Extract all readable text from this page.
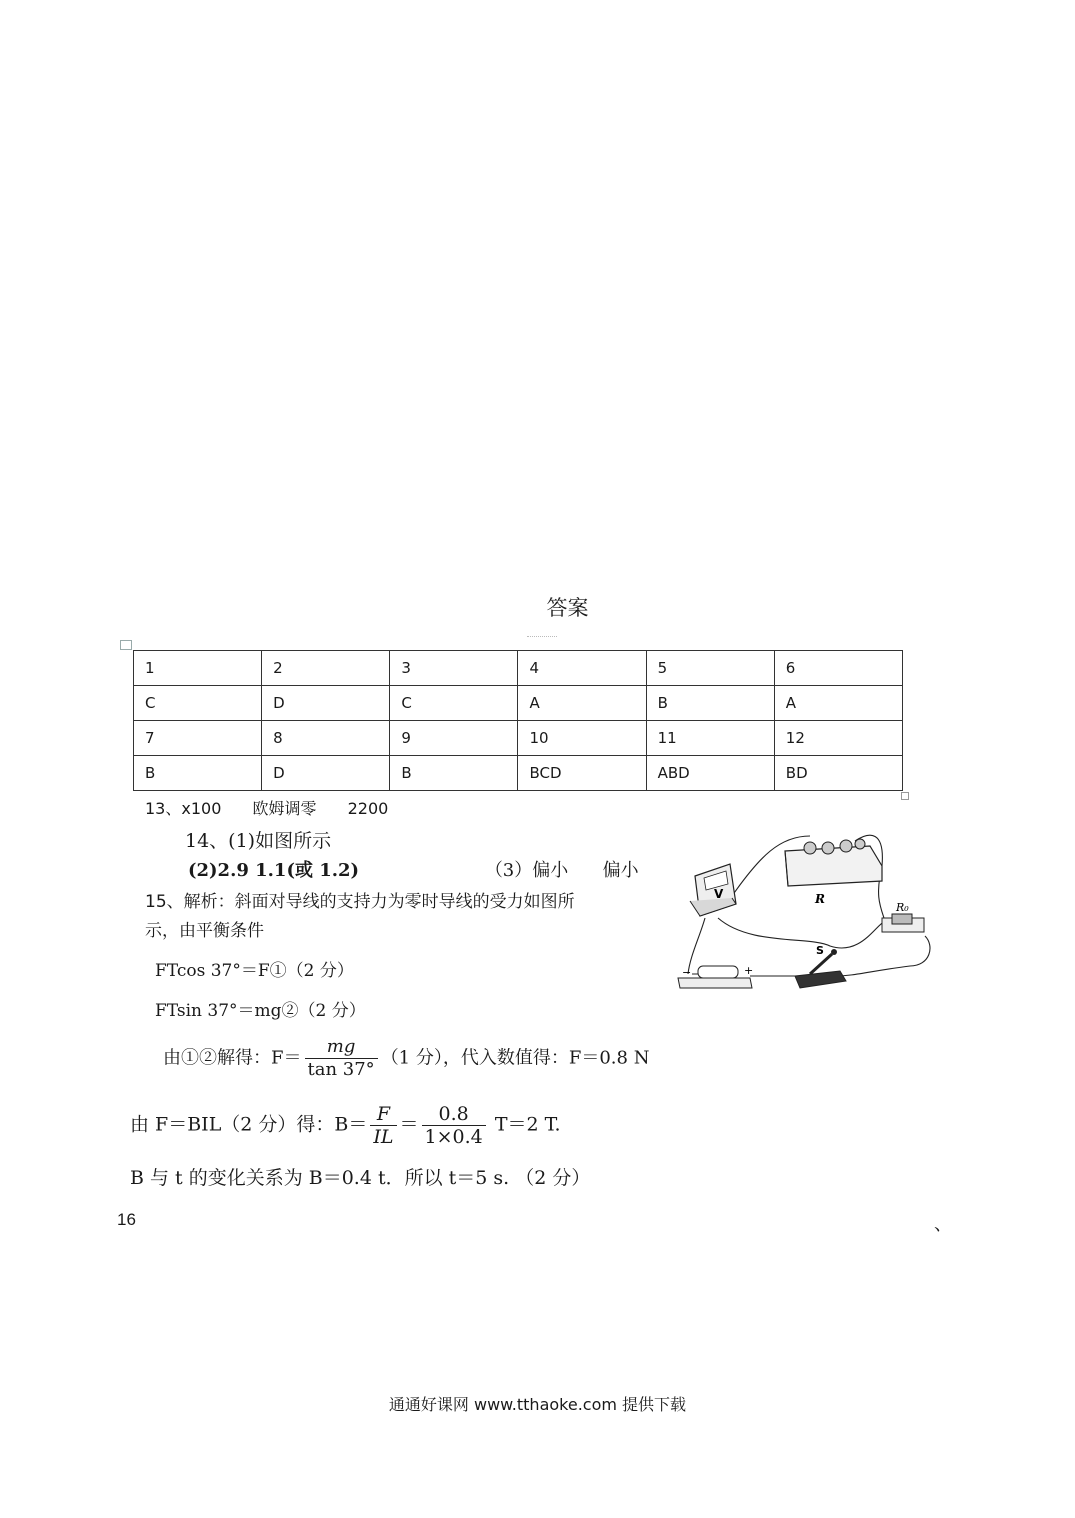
答案
1	2	3	4	5	6
C	D	C	A	B	A
7	8	9	10	11	12
B	D	B	BCD	ABD	BD
13、x100 欧姆调零 2200
14、(1)如图所示
(2)2.9 1.1(或 1.2)	（3）偏小 偏小
15、解析：斜面对导线的支持力为零时导线的受力如图所
示，由平衡条件
FTcos 37°＝F①（2 分）
FTsin 37°＝mg②（2 分）
由①②解得：$F= \frac{mg}{\tan 37^\circ} (1$ 分），代入数值得：F＝0.8 N
由 F＝BIL（2 分）得：$B= \frac{F}{IL} = \frac{0.8}{1\times 0.4} T=2$ T.
B 与 t 的变化关系为 B＝0.4 t．所以 t＝5 s. （2 分）
16	、
V	R
R₀
−	+
S
通通好课网 www.tthaoke.com 提供下载
